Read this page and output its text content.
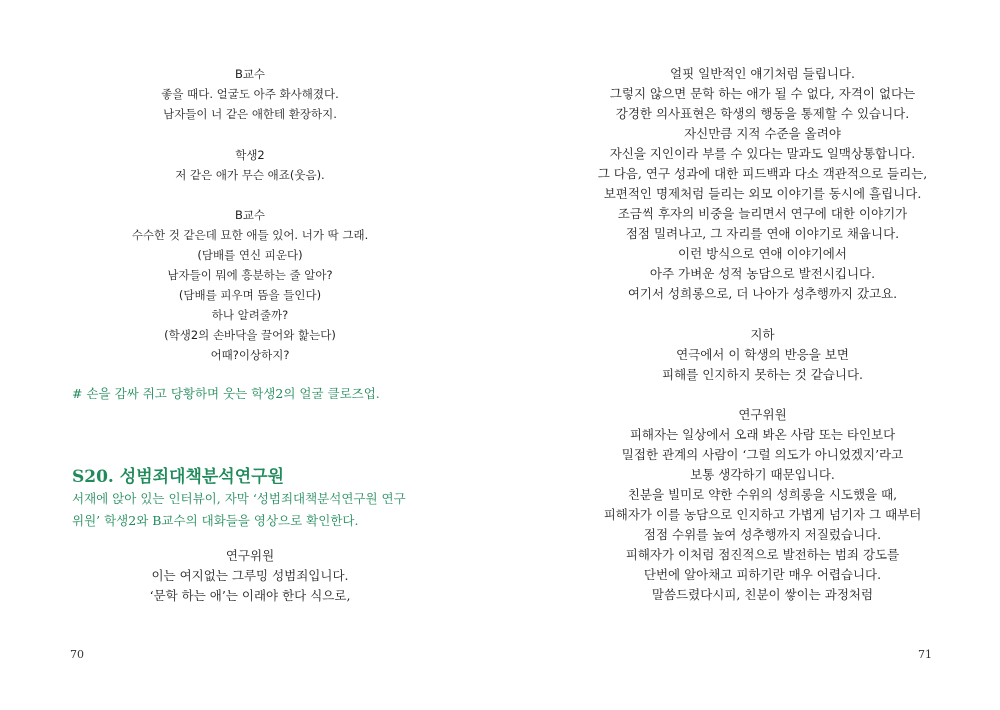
B교수
좋을 때다. 얼굴도 아주 화사해졌다.
남자들이 너 같은 애한테 환장하지.
학생2
저 같은 애가 무슨 애죠(웃음).
B교수
수수한 것 같은데 묘한 애들 있어. 너가 딱 그래.
(담배를 연신 피운다)
남자들이 뭐에 흥분하는 줄 알아?
(담배를 피우며 뜸을 들인다)
하나 알려줄까?
(학생2의 손바닥을 끌어와 핥는다)
어때?이상하지?
# 손을 감싸 쥐고 당황하며 웃는 학생2의 얼굴 클로즈업.
S20. 성범죄대책분석연구원
서재에 앉아 있는 인터뷰이, 자막 ‘성범죄대책분석연구원 연구
위원’ 학생2와 B교수의 대화들을 영상으로 확인한다.
연구위원
이는 여지없는 그루밍 성범죄입니다.
‘문학 하는 애’는 이래야 한다 식으로,
70
얼핏 일반적인 얘기처럼 들립니다.
그렇지 않으면 문학 하는 애가 될 수 없다, 자격이 없다는
강경한 의사표현은 학생의 행동을 통제할 수 있습니다.
자신만큼 지적 수준을 올려야
자신을 지인이라 부를 수 있다는 말과도 일맥상통합니다.
그 다음, 연구 성과에 대한 피드백과 다소 객관적으로 들리는,
보편적인 명제처럼 들리는 외모 이야기를 동시에 흘립니다.
조금씩 후자의 비중을 늘리면서 연구에 대한 이야기가
점점 밀려나고, 그 자리를 연애 이야기로 채웁니다.
이런 방식으로 연애 이야기에서
아주 가벼운 성적 농담으로 발전시킵니다.
여기서 성희롱으로, 더 나아가 성추행까지 갔고요.
지하
연극에서 이 학생의 반응을 보면
피해를 인지하지 못하는 것 같습니다.
연구위원
피해자는 일상에서 오래 봐온 사람 또는 타인보다
밀접한 관계의 사람이 ‘그럴 의도가 아니었겠지’라고
보통 생각하기 때문입니다.
친분을 빌미로 약한 수위의 성희롱을 시도했을 때,
피해자가 이를 농담으로 인지하고 가볍게 넘기자 그 때부터
점점 수위를 높여 성추행까지 저질렀습니다.
피해자가 이처럼 점진적으로 발전하는 범죄 강도를
단번에 알아채고 피하기란 매우 어렵습니다.
말씀드렸다시피, 친분이 쌓이는 과정처럼
71
